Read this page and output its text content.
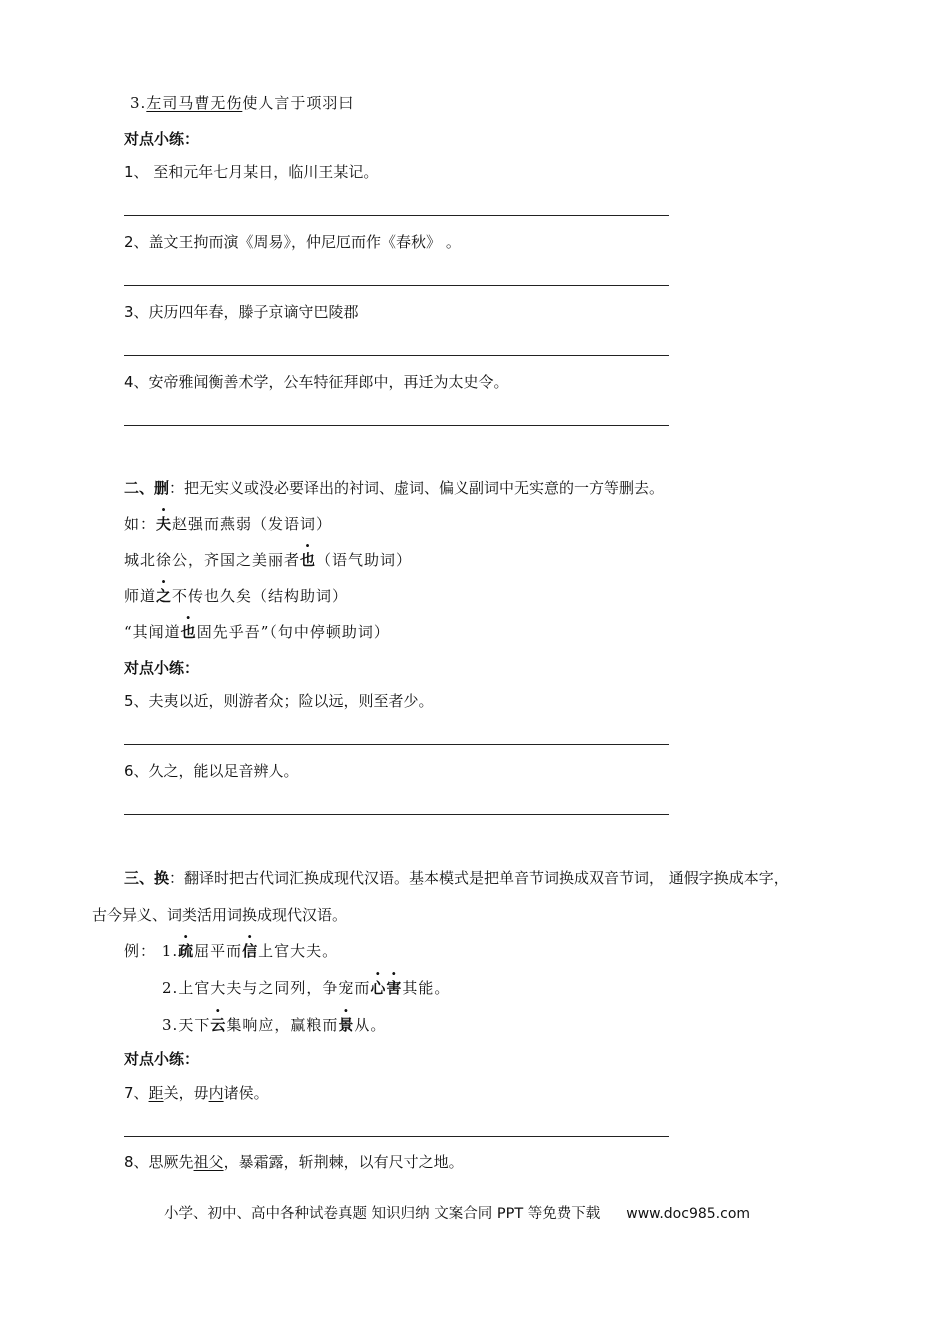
3.左司马曹无伤使人言于项羽曰
对点小练：
1、 至和元年七月某日，临川王某记。
2、盖文王拘而演《周易》，仲尼厄而作《春秋》 。
3、庆历四年春，滕子京谪守巴陵郡
4、安帝雅闻衡善术学，公车特征拜郎中，再迁为太史令。
二、删：把无实义或没必要译出的衬词、虚词、偏义副词中无实意的一方等删去。
如：夫赵强而燕弱（发语词）
城北徐公，齐国之美丽者也（语气助词）
师道之不传也久矣（结构助词）
“其闻道也固先乎吾”（句中停顿助词）
对点小练：
5、夫夷以近，则游者众；险以远，则至者少。
6、久之，能以足音辨人。
三、换：翻译时把古代词汇换成现代汉语。基本模式是把单音节词换成双音节词， 通假字换成本字，
古今异义、词类活用词换成现代汉语。
例： 1.疏屈平而信上官大夫。
2.上官大夫与之同列，争宠而心害其能。
3.天下云集响应，赢粮而景从。
对点小练：
7、距关，毋内诸侯。
8、思厥先祖父，暴霜露，斩荆棘，以有尺寸之地。
小学、初中、高中各种试卷真题 知识归纳 文案合同 PPT 等免费下载 www.doc985.com
